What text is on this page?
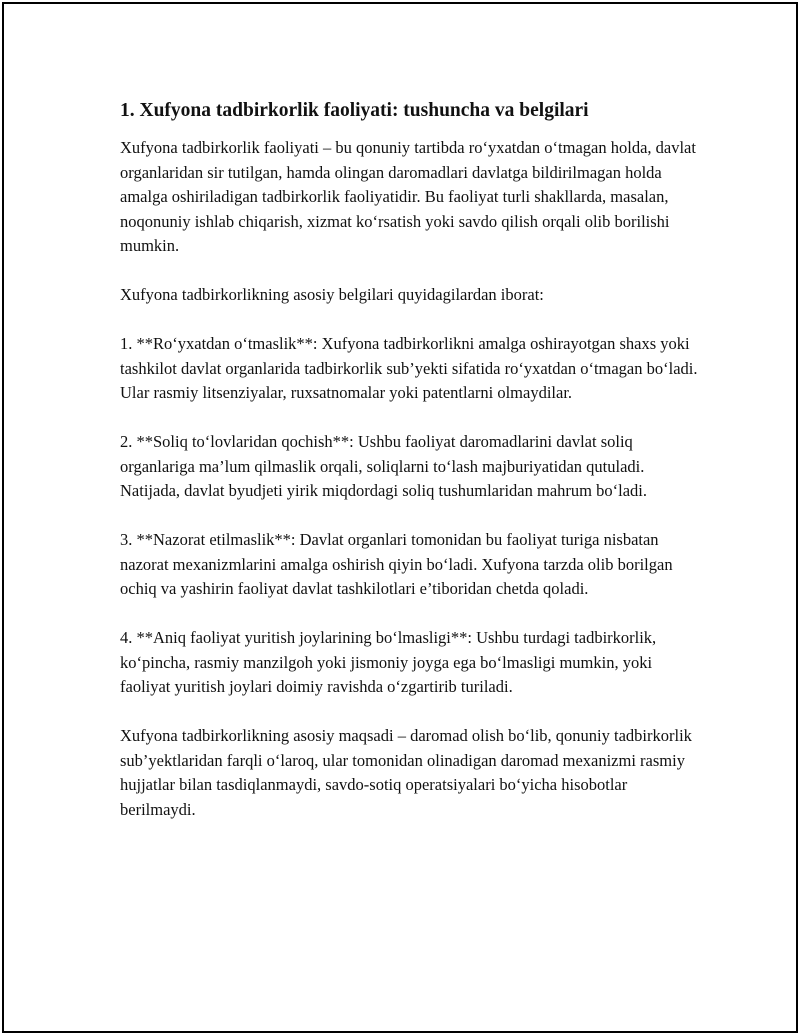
1. Xufyona tadbirkorlik faoliyati: tushuncha va belgilari

Xufyona tadbirkorlik faoliyati – bu qonuniy tartibda ro‘yxatdan o‘tmagan holda, davlat organlaridan sir tutilgan, hamda olingan daromadlari davlatga bildirilmagan holda amalga oshiriladigan tadbirkorlik faoliyatidir. Bu faoliyat turli shakllarda, masalan, noqonuniy ishlab chiqarish, xizmat ko‘rsatish yoki savdo qilish orqali olib borilishi mumkin.

Xufyona tadbirkorlikning asosiy belgilari quyidagilardan iborat:

1. **Ro‘yxatdan o‘tmaslik**: Xufyona tadbirkorlikni amalga oshirayotgan shaxs yoki tashkilot davlat organlarida tadbirkorlik sub’yekti sifatida ro‘yxatdan o‘tmagan bo‘ladi. Ular rasmiy litsenziyalar, ruxsatnomalar yoki patentlarni olmaydilar.

2. **Soliq to‘lovlaridan qochish**: Ushbu faoliyat daromadlarini davlat soliq organlariga ma’lum qilmaslik orqali, soliqlarni to‘lash majburiyatidan qutuladi. Natijada, davlat byudjeti yirik miqdordagi soliq tushumlaridan mahrum bo‘ladi.

3. **Nazorat etilmaslik**: Davlat organlari tomonidan bu faoliyat turiga nisbatan nazorat mexanizmlarini amalga oshirish qiyin bo‘ladi. Xufyona tarzda olib borilgan ochiq va yashirin faoliyat davlat tashkilotlari e’tiboridan chetda qoladi.

4. **Aniq faoliyat yuritish joylarining bo‘lmasligi**: Ushbu turdagi tadbirkorlik, ko‘pincha, rasmiy manzilgoh yoki jismoniy joyga ega bo‘lmasligi mumkin, yoki faoliyat yuritish joylari doimiy ravishda o‘zgartirib turiladi.

Xufyona tadbirkorlikning asosiy maqsadi – daromad olish bo‘lib, qonuniy tadbirkorlik sub’yektlaridan farqli o‘laroq, ular tomonidan olinadigan daromad mexanizmi rasmiy hujjatlar bilan tasdiqlanmaydi, savdo-sotiq operatsiyalari bo‘yicha hisobotlar berilmaydi.
